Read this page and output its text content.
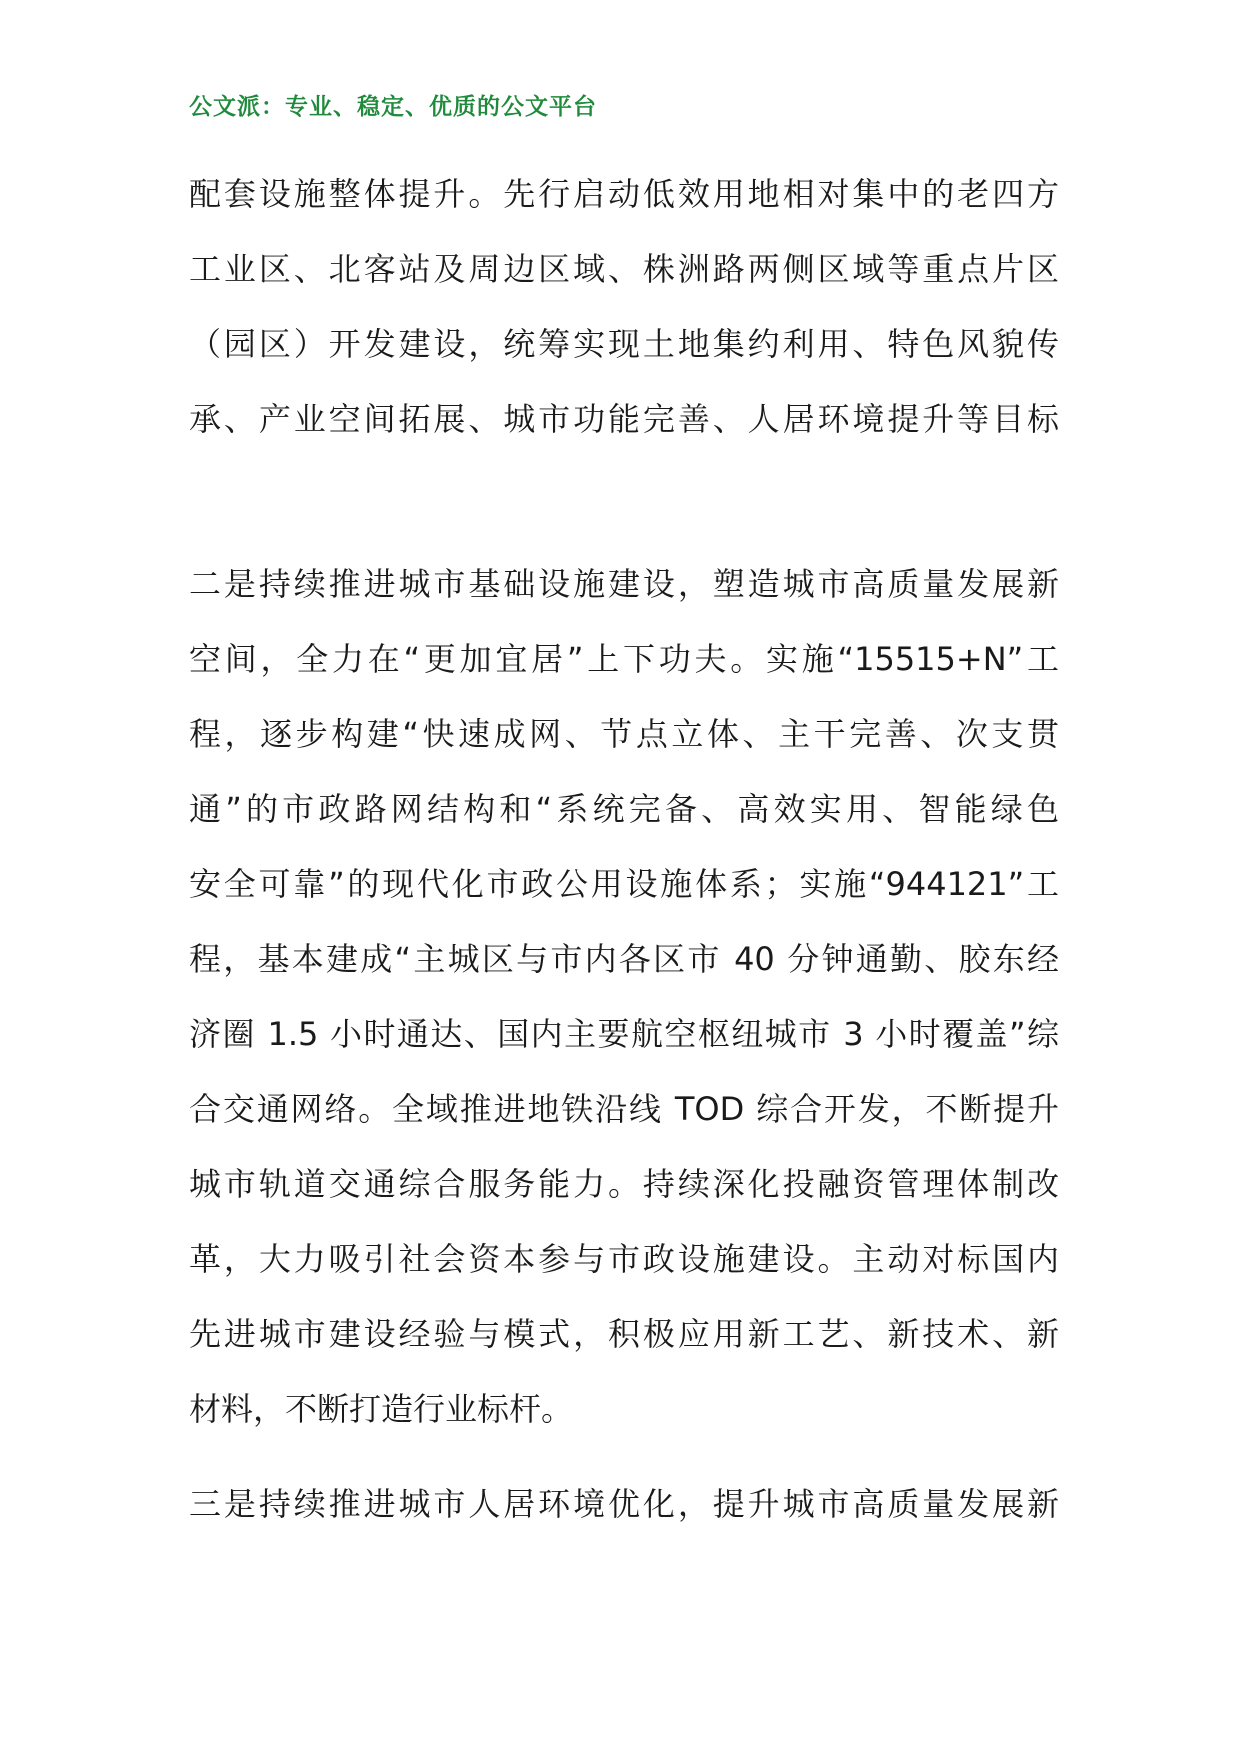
公文派：专业、稳定、优质的公文平台
配套设施整体提升。先行启动低效用地相对集中的老四方
工业区、北客站及周边区域、株洲路两侧区域等重点片区
（园区）开发建设，统筹实现土地集约利用、特色风貌传
承、产业空间拓展、城市功能完善、人居环境提升等目标
二是持续推进城市基础设施建设，塑造城市高质量发展新
空间，全力在“更加宜居”上下功夫。实施“15515+N”工
程，逐步构建“快速成网、节点立体、主干完善、次支贯
通”的市政路网结构和“系统完备、高效实用、智能绿色
安全可靠”的现代化市政公用设施体系；实施“944121”工
程，基本建成“主城区与市内各区市 40 分钟通勤、胶东经
济圈 1.5 小时通达、国内主要航空枢纽城市 3 小时覆盖”综
合交通网络。全域推进地铁沿线 TOD 综合开发，不断提升
城市轨道交通综合服务能力。持续深化投融资管理体制改
革，大力吸引社会资本参与市政设施建设。主动对标国内
先进城市建设经验与模式，积极应用新工艺、新技术、新
材料，不断打造行业标杆。
三是持续推进城市人居环境优化，提升城市高质量发展新
